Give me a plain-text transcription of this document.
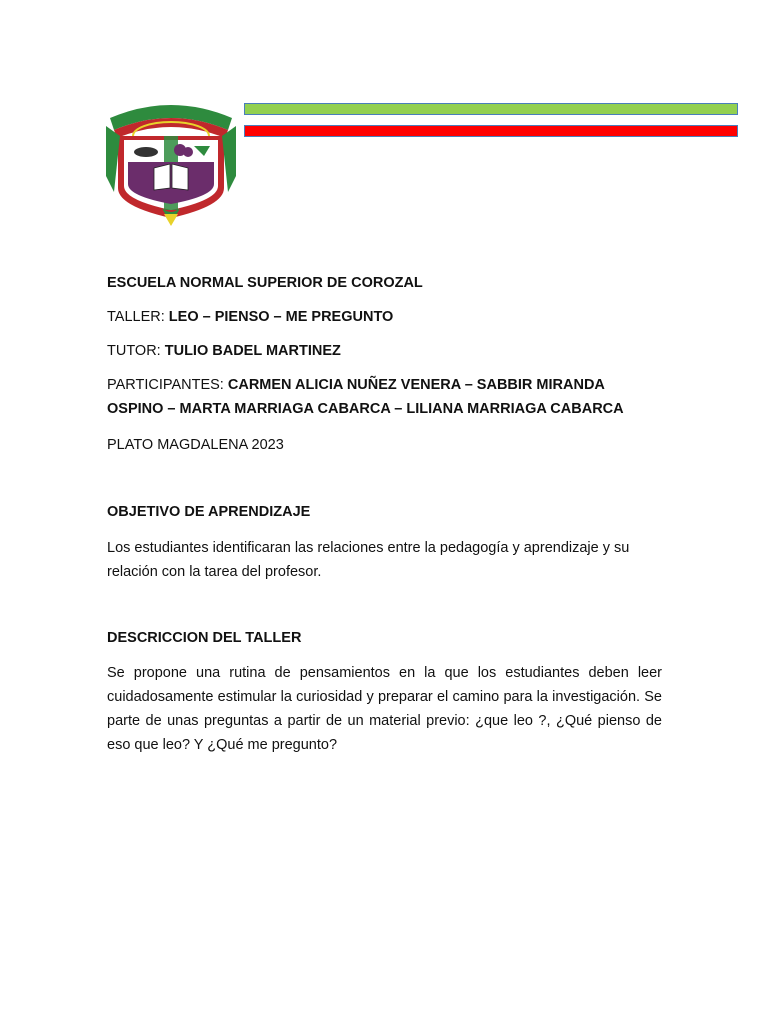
ESCUELA NORMAL SUPERIOR DE COROZAL
TALLER: LEO – PIENSO – ME PREGUNTO
TUTOR: TULIO BADEL MARTINEZ
PARTICIPANTES: CARMEN ALICIA NUÑEZ VENERA – SABBIR MIRANDA
OSPINO – MARTA MARRIAGA CABARCA – LILIANA MARRIAGA CABARCA
PLATO MAGDALENA 2023
OBJETIVO DE APRENDIZAJE
Los estudiantes identificaran las relaciones entre la pedagogía y aprendizaje y su relación con la tarea del profesor.
DESCRICCION DEL TALLER
Se propone una rutina de pensamientos en la que los estudiantes deben leer cuidadosamente estimular la curiosidad y preparar el camino para la investigación. Se parte de unas preguntas a partir de un material previo: ¿que leo ?, ¿Qué pienso de eso que leo? Y ¿Qué me pregunto?
